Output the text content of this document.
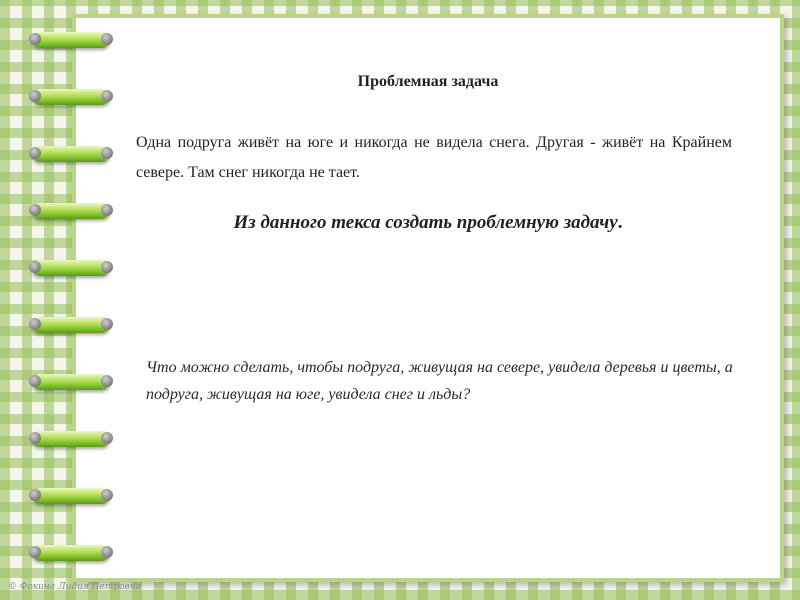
Проблемная задача
Одна подруга живёт на юге и никогда не видела снега. Другая - живёт на Крайнем севере. Там снег никогда не тает.
Из данного текса создать проблемную задачу.
Что можно сделать, чтобы подруга, живущая на севере, увидела деревья и цветы, а подруга, живущая на юге, увидела снег и льды?
© Фокина Лидия Петровна
